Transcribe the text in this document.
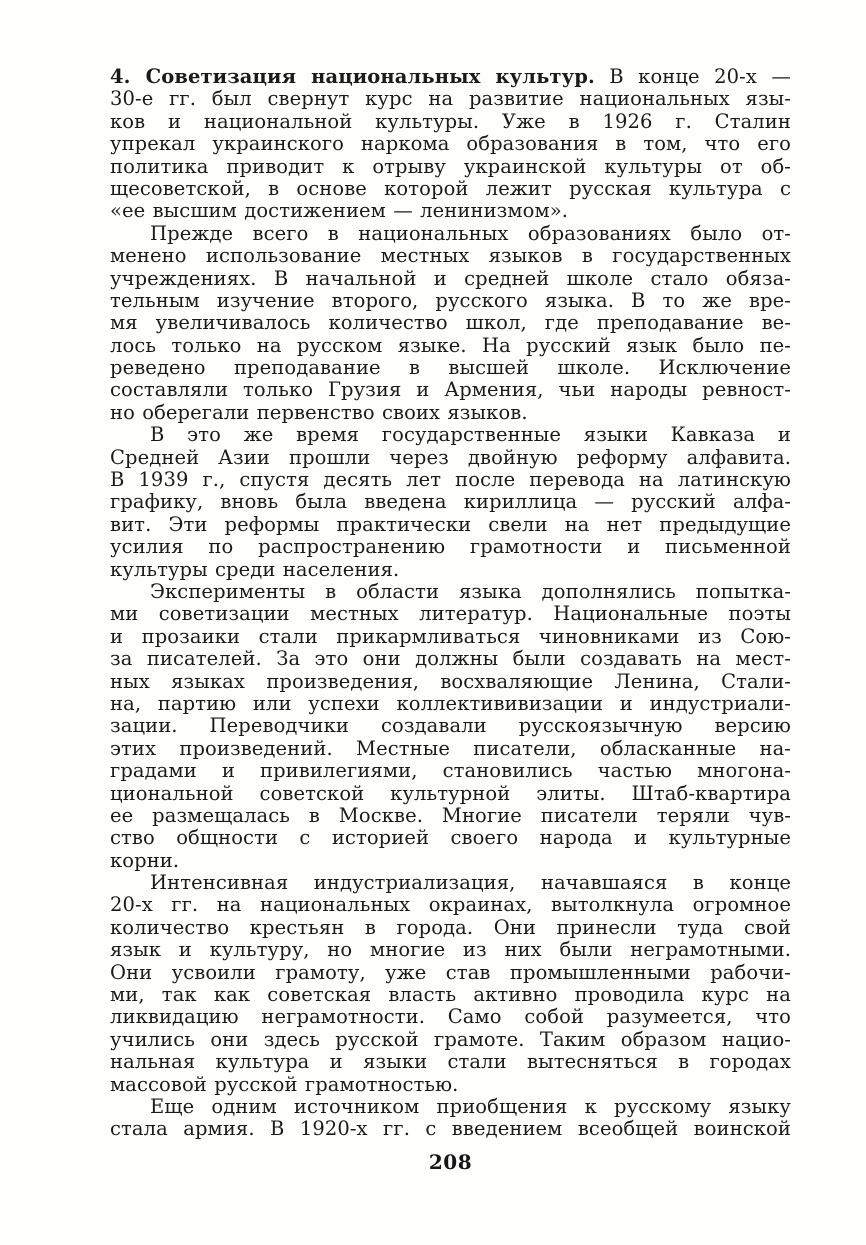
4. Советизация национальных культур. В конце 20-х —
30-е гг. был свернут курс на развитие национальных язы-
ков и национальной культуры. Уже в 1926 г. Сталин
упрекал украинского наркома образования в том, что его
политика приводит к отрыву украинской культуры от об-
щесоветской, в основе которой лежит русская культура с
«ее высшим достижением — ленинизмом».
Прежде всего в национальных образованиях было от-
менено использование местных языков в государственных
учреждениях. В начальной и средней школе стало обяза-
тельным изучение второго, русского языка. В то же вре-
мя увеличивалось количество школ, где преподавание ве-
лось только на русском языке. На русский язык было пе-
реведено преподавание в высшей школе. Исключение
составляли только Грузия и Армения, чьи народы ревност-
но оберегали первенство своих языков.
В это же время государственные языки Кавказа и
Средней Азии прошли через двойную реформу алфавита.
В 1939 г., спустя десять лет после перевода на латинскую
графику, вновь была введена кириллица — русский алфа-
вит. Эти реформы практически свели на нет предыдущие
усилия по распространению грамотности и письменной
культуры среди населения.
Эксперименты в области языка дополнялись попытка-
ми советизации местных литератур. Национальные поэты
и прозаики стали прикармливаться чиновниками из Сою-
за писателей. За это они должны были создавать на мест-
ных языках произведения, восхваляющие Ленина, Стали-
на, партию или успехи коллектививизации и индустриали-
зации. Переводчики создавали русскоязычную версию
этих произведений. Местные писатели, обласканные на-
градами и привилегиями, становились частью многона-
циональной советской культурной элиты. Штаб-квартира
ее размещалась в Москве. Многие писатели теряли чув-
ство общности с историей своего народа и культурные
корни.
Интенсивная индустриализация, начавшаяся в конце
20-х гг. на национальных окраинах, вытолкнула огромное
количество крестьян в города. Они принесли туда свой
язык и культуру, но многие из них были неграмотными.
Они усвоили грамоту, уже став промышленными рабочи-
ми, так как советская власть активно проводила курс на
ликвидацию неграмотности. Само собой разумеется, что
учились они здесь русской грамоте. Таким образом нацио-
нальная культура и языки стали вытесняться в городах
массовой русской грамотностью.
Еще одним источником приобщения к русскому языку
стала армия. В 1920-х гг. с введением всеобщей воинской
208
